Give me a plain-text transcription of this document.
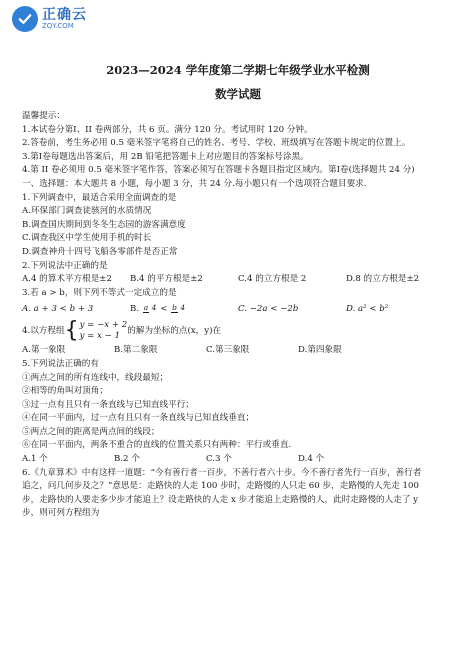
正确云
ZQY.COM
2023—2024 学年度第二学期七年级学业水平检测
数学试题
温馨提示：
1.本试卷分第I、II 卷两部分，共 6 页。满分 120 分。考试用时 120 分钟。
2.答卷前，考生务必用 0.5 毫米签字笔将自己的姓名、考号、学校、班级填写在答题卡规定的位置上。
3.第I卷每题选出答案后，用 2B 铅笔把答题卡上对应题目的答案标号涂黑。
4.第 II 卷必须用 0.5 毫米签字笔作答，答案必须写在答题卡各题目指定区域内。第Ⅰ卷(选择题共 24 分)
一、选择题：本大题共 8 小题，每小题 3 分，共 24 分.每小题只有一个选项符合题目要求.
1.下列调查中，最适合采用全面调查的是
A.环保部门调查徒骇河的水质情况
B.调查国庆期间到冬冬生态园的游客满意度
C.调查我区中学生使用手机的时长
D.调查神舟十四号飞船各零部件是否正常
2.下列说法中正确的是
A.4 的算术平方根是±2	B.4 的平方根是±2	C.4 的立方根是 2	D.8 的立方根是±2
3.若 a > b，则下列不等式一定成立的是
A. a + 3 < b + 3	B. a 4 < b 4	C. −2a < −2b	D. a² < b²
4.以方程组 { y = −x + 2
y = x − 1
的解为坐标的点(x，y)在
A.第一象限	B.第二象限	C.第三象限	D.第四象限
5.下列说法正确的有
①两点之间的所有连线中，线段最短；
②相等的角叫对顶角；
③过一点有且只有一条直线与已知直线平行；
④在同一平面内，过一点有且只有一条直线与已知直线垂直；
⑤两点之间的距离是两点间的线段；
⑥在同一平面内，两条不重合的直线的位置关系只有两种：平行或垂直.
A.1 个	B.2 个	C.3 个	D.4 个
6.《九章算术》中有这样一道题：“今有善行者一百步，不善行者六十步。今不善行者先行一百步，善行者
追之，问几何步及之？”意思是：走路快的人走 100 步时，走路慢的人只走 60 步，走路慢的人先走 100
步，走路快的人要走多少步才能追上？设走路快的人走 x 步才能追上走路慢的人，此时走路慢的人走了 y
步，则可列方程组为
